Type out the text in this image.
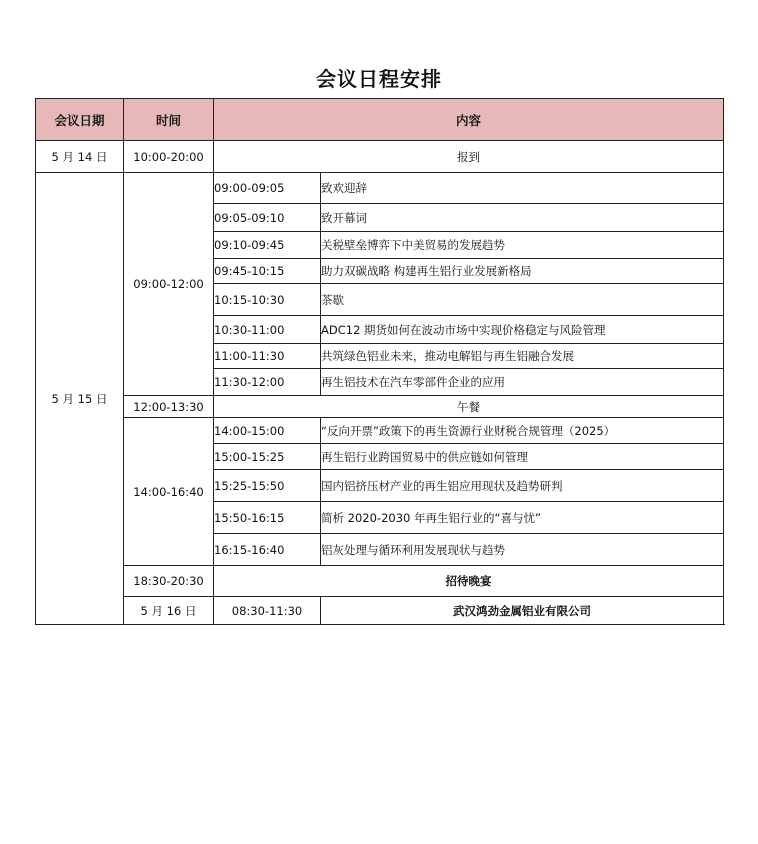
会议日程安排
会议日期	时间	内容	
5 月 14 日	10:00-20:00	报到	
5 月 15 日	09:00-12:00	09:00-09:05	致欢迎辞
		09:05-09:10	致开幕词
		09:10-09:45	关税壁垒博弈下中美贸易的发展趋势
		09:45-10:15	助力双碳战略 构建再生铝行业发展新格局
		10:15-10:30	茶歇
		10:30-11:00	ADC12 期货如何在波动市场中实现价格稳定与风险管理
		11:00-11:30	共筑绿色铝业未来，推动电解铝与再生铝融合发展
		11:30-12:00	再生铝技术在汽车零部件企业的应用
	12:00-13:30	午餐	
	14:00-16:40	14:00-15:00	“反向开票”政策下的再生资源行业财税合规管理（2025）
		15:00-15:25	再生铝行业跨国贸易中的供应链如何管理
		15:25-15:50	国内铝挤压材产业的再生铝应用现状及趋势研判
		15:50-16:15	简析 2020-2030 年再生铝行业的“喜与忧”
		16:15-16:40	铝灰处理与循环利用发展现状与趋势
	18:30-20:30	招待晚宴	
	5 月 16 日	08:30-11:30	武汉鸿劲金属铝业有限公司
